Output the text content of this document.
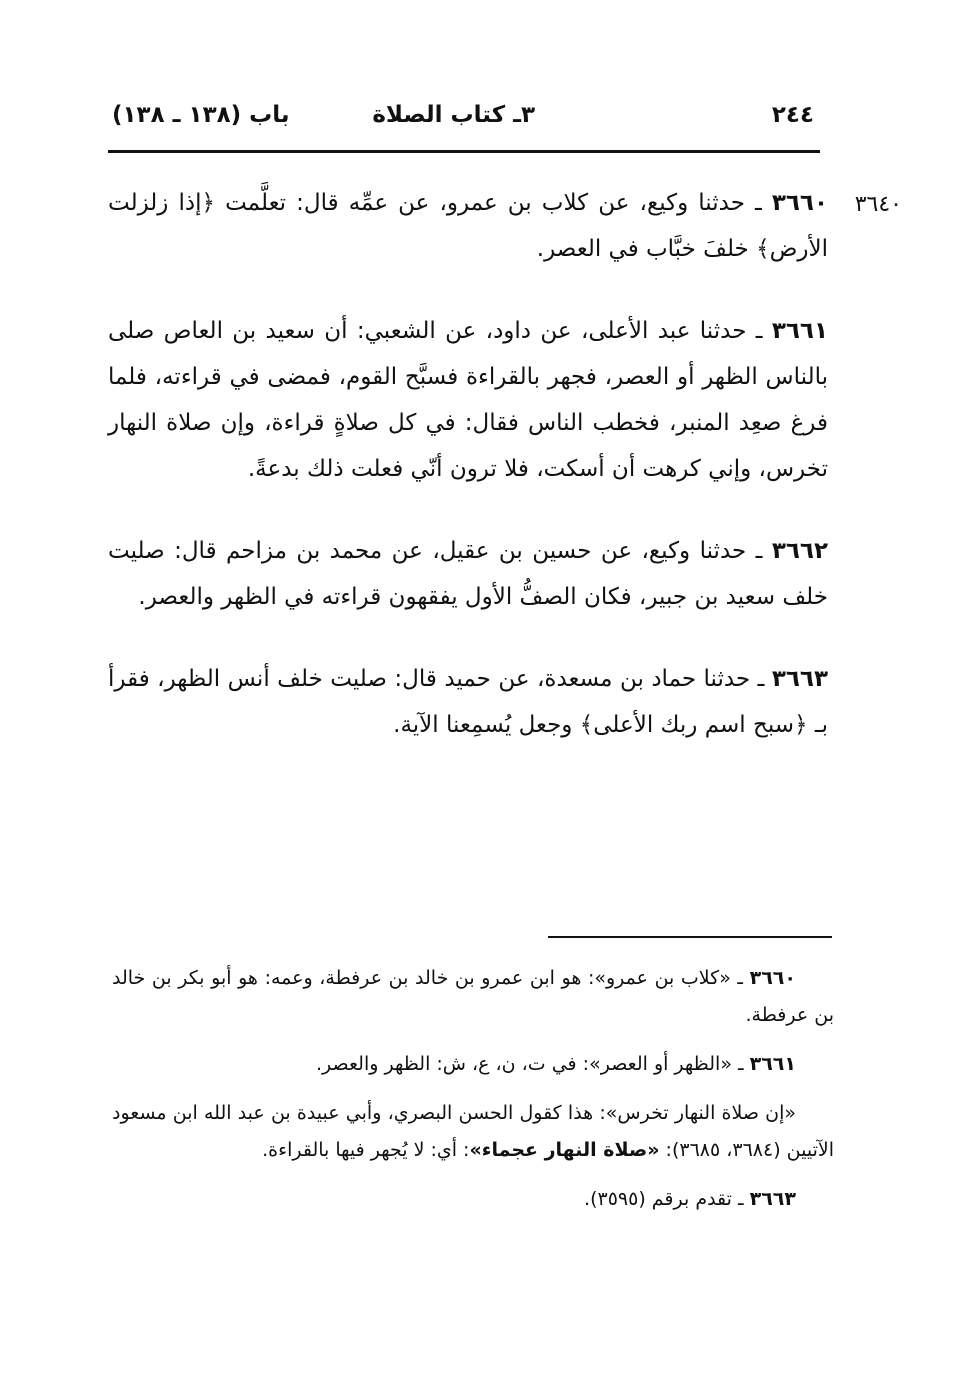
٢٤٤
٣ـ كتاب الصلاة
باب (١٣٨ ـ ١٣٨)
٣٦٤٠

٣٦٦٠ ـ حدثنا وكيع، عن كلاب بن عمرو، عن عمِّه قال: تعلَّمت ﴿إذا زلزلت الأرض﴾ خلفَ خبَّاب في العصر.

٣٦٦١ ـ حدثنا عبد الأعلى، عن داود، عن الشعبي: أن سعيد بن العاص صلى بالناس الظهر أو العصر، فجهر بالقراءة فسبَّح القوم، فمضى في قراءته، فلما فرغ صعِد المنبر، فخطب الناس فقال: في كل صلاةٍ قراءة، وإن صلاة النهار تخرس، وإني كرهت أن أسكت، فلا ترون أنّي فعلت ذلك بدعةً.

٣٦٦٢ ـ حدثنا وكيع، عن حسين بن عقيل، عن محمد بن مزاحم قال: صليت خلف سعيد بن جبير، فكان الصفُّ الأول يفقهون قراءته في الظهر والعصر.

٣٦٦٣ ـ حدثنا حماد بن مسعدة، عن حميد قال: صليت خلف أنس الظهر، فقرأ بـ ﴿سبح اسم ربك الأعلى﴾ وجعل يُسمِعنا الآية.

٣٦٦٠ ـ «كلاب بن عمرو»: هو ابن عمرو بن خالد بن عرفطة، وعمه: هو أبو بكر بن خالد بن عرفطة.

٣٦٦١ ـ «الظهر أو العصر»: في ت، ن، ع، ش: الظهر والعصر.

«إن صلاة النهار تخرس»: هذا كقول الحسن البصري، وأبي عبيدة بن عبد الله ابن مسعود الآتيين (٣٦٨٤، ٣٦٨٥): «صلاة النهار عجماء»: أي: لا يُجهر فيها بالقراءة.

٣٦٦٣ ـ تقدم برقم (٣٥٩٥).
